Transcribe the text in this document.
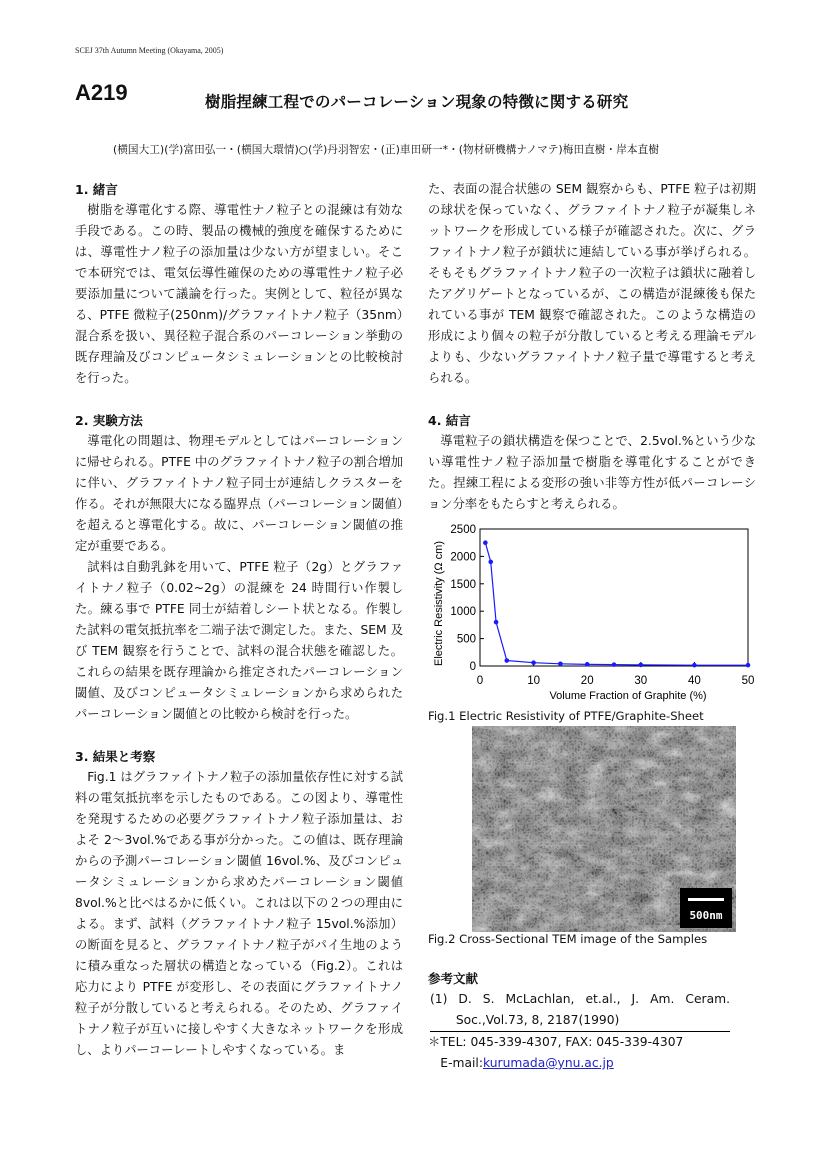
SCEJ 37th Autumn Meeting (Okayama, 2005)
A219	樹脂捏練工程でのパーコレーション現象の特徴に関する研究
(横国大工)(学)富田弘一・(横国大環情)○(学)丹羽智宏・(正)車田研一*・(物材研機構ナノマテ)梅田直樹・岸本直樹

1. 緒言

樹脂を導電化する際、導電性ナノ粒子との混練は有効な手段である。この時、製品の機械的強度を確保するためには、導電性ナノ粒子の添加量は少ない方が望ましい。そこで本研究では、電気伝導性確保のための導電性ナノ粒子必要添加量について議論を行った。実例として、粒径が異なる、PTFE 微粒子(250nm)/グラファイトナノ粒子（35nm）混合系を扱い、異径粒子混合系のパーコレーション挙動の既存理論及びコンピュータシミュレーションとの比較検討を行った。

2. 実験方法

導電化の問題は、物理モデルとしてはパーコレーションに帰せられる。PTFE 中のグラファイトナノ粒子の割合増加に伴い、グラファイトナノ粒子同士が連結しクラスターを作る。それが無限大になる臨界点（パーコレーション閾値）を超えると導電化する。故に、パーコレーション閾値の推定が重要である。

試料は自動乳鉢を用いて、PTFE 粒子（2g）とグラファイトナノ粒子（0.02~2g）の混練を 24 時間行い作製した。練る事で PTFE 同士が結着しシート状となる。作製した試料の電気抵抗率を二端子法で測定した。また、SEM 及び TEM 観察を行うことで、試料の混合状態を確認した。これらの結果を既存理論から推定されたパーコレーション閾値、及びコンピュータシミュレーションから求められたパーコレーション閾値との比較から検討を行った。

3. 結果と考察

Fig.1 はグラファイトナノ粒子の添加量依存性に対する試料の電気抵抗率を示したものである。この図より、導電性を発現するための必要グラファイトナノ粒子添加量は、およそ 2～3vol.%である事が分かった。この値は、既存理論からの予測パーコレーション閾値 16vol.%、及びコンピュータシミュレーションから求めたパーコレーション閾値 8vol.%と比べはるかに低くい。これは以下の２つの理由による。まず、試料（グラファイトナノ粒子 15vol.%添加）の断面を見ると、グラファイトナノ粒子がパイ生地のように積み重なった層状の構造となっている（Fig.2）。これは応力により PTFE が変形し、その表面にグラファイトナノ粒子が分散していると考えられる。そのため、グラファイトナノ粒子が互いに接しやすく大きなネットワークを形成し、よりパーコーレートしやすくなっている。ま

た、表面の混合状態の SEM 観察からも、PTFE 粒子は初期の球状を保っていなく、グラファイトナノ粒子が凝集しネットワークを形成している様子が確認された。次に、グラファイトナノ粒子が鎖状に連結している事が挙げられる。そもそもグラファイトナノ粒子の一次粒子は鎖状に融着したアグリゲートとなっているが、この構造が混練後も保たれている事が TEM 観察で確認された。このような構造の形成により個々の粒子が分散していると考える理論モデルよりも、少ないグラファイトナノ粒子量で導電すると考えられる。

4. 結言

導電粒子の鎖状構造を保つことで、2.5vol.%という少ない導電性ナノ粒子添加量で樹脂を導電化することができた。捏練工程による変形の強い非等方性が低パーコレーション分率をもたらすと考えられる。

0
500
1000
1500
2000
2500
0	10	20	30	40	50
Volume Fraction of Graphite (%)
Electric Resistivity (Ω cm)
Fig.1 Electric Resistivity of PTFE/Graphite-Sheet
500nm
Fig.2 Cross-Sectional TEM image of the Samples

参考文献

(1) D. S. McLachlan, et.al., J. Am. Ceram. Soc.,Vol.73, 8, 2187(1990)

＊TEL: 045-339-4307, FAX: 045-339-4307

E-mail:kurumada@ynu.ac.jp
